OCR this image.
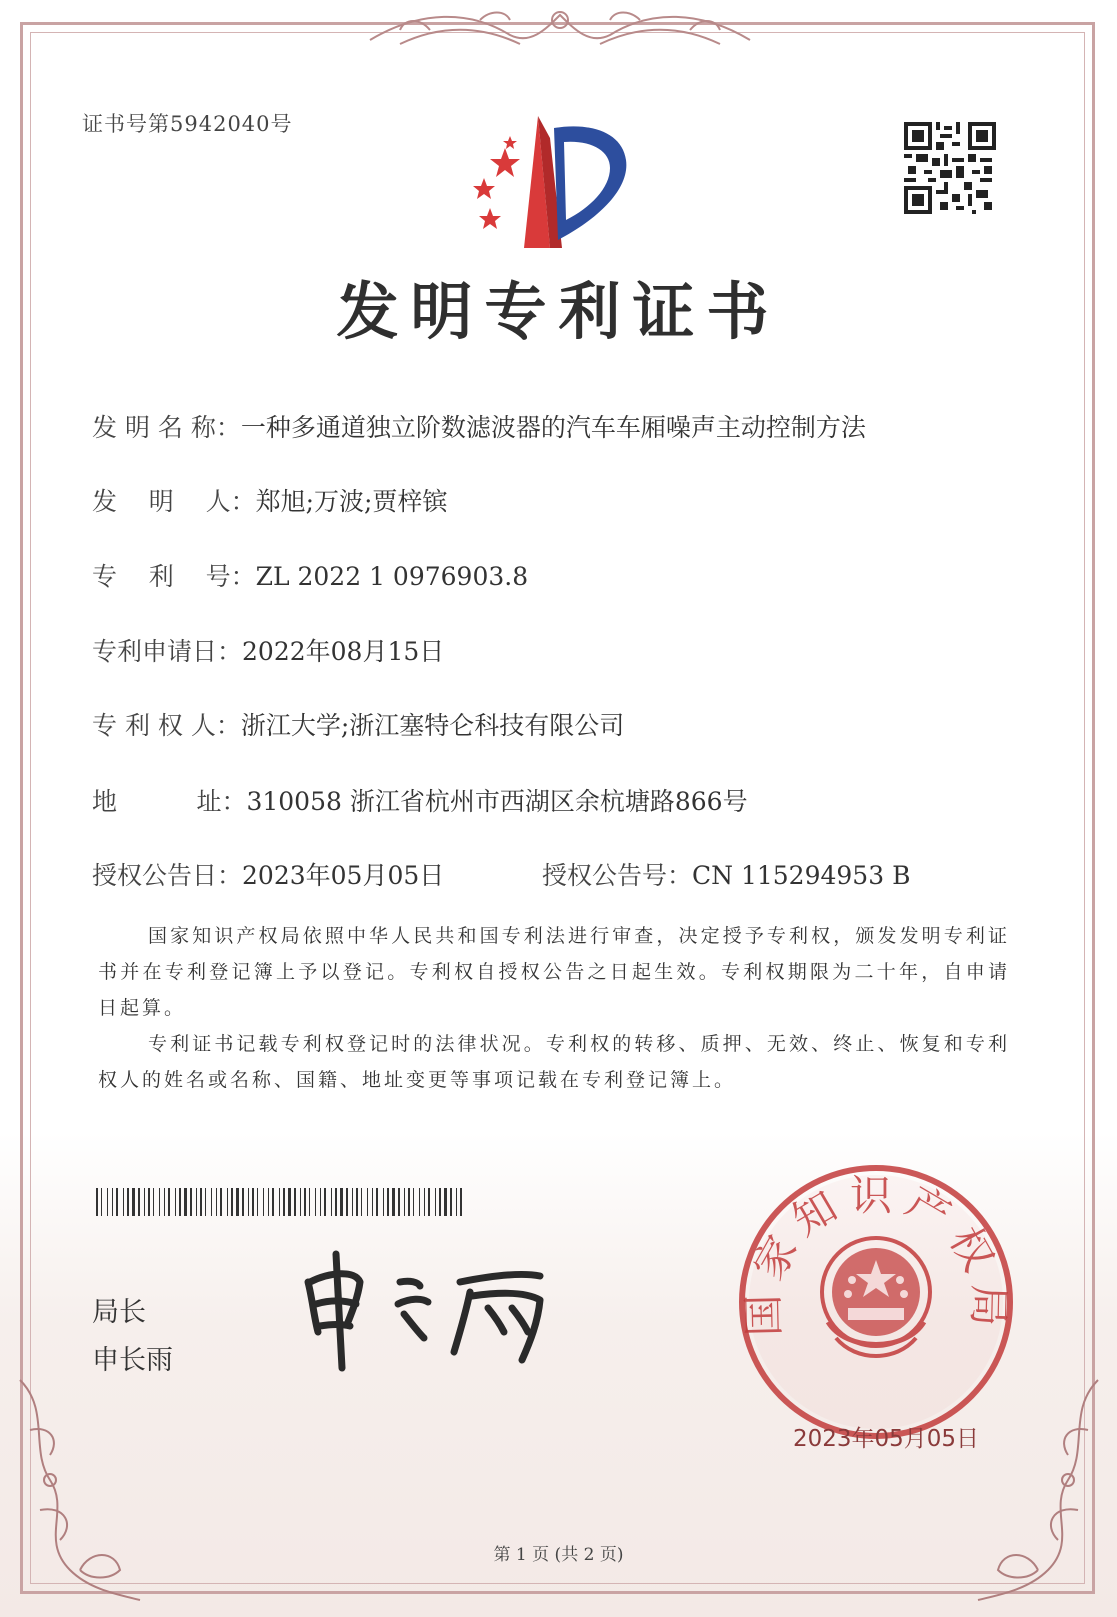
证书号第5942040号
发明专利证书
发 明 名 称：一种多通道独立阶数滤波器的汽车车厢噪声主动控制方法
发    明    人：郑旭;万波;贾梓镔
专    利    号：ZL 2022 1 0976903.8
专利申请日：2022年08月15日
专 利 权 人：浙江大学;浙江塞特仑科技有限公司
地          址：310058 浙江省杭州市西湖区余杭塘路866号
授权公告日：2023年05月05日	授权公告号：CN 115294953 B
国家知识产权局依照中华人民共和国专利法进行审查，决定授予专利权，颁发发明专利证书并在专利登记簿上予以登记。专利权自授权公告之日起生效。专利权期限为二十年，自申请日起算。
专利证书记载专利权登记时的法律状况。专利权的转移、质押、无效、终止、恢复和专利权人的姓名或名称、国籍、地址变更等事项记载在专利登记簿上。
局长
申长雨
国家知识产权局
2023年05月05日
第 1 页 (共 2 页)
